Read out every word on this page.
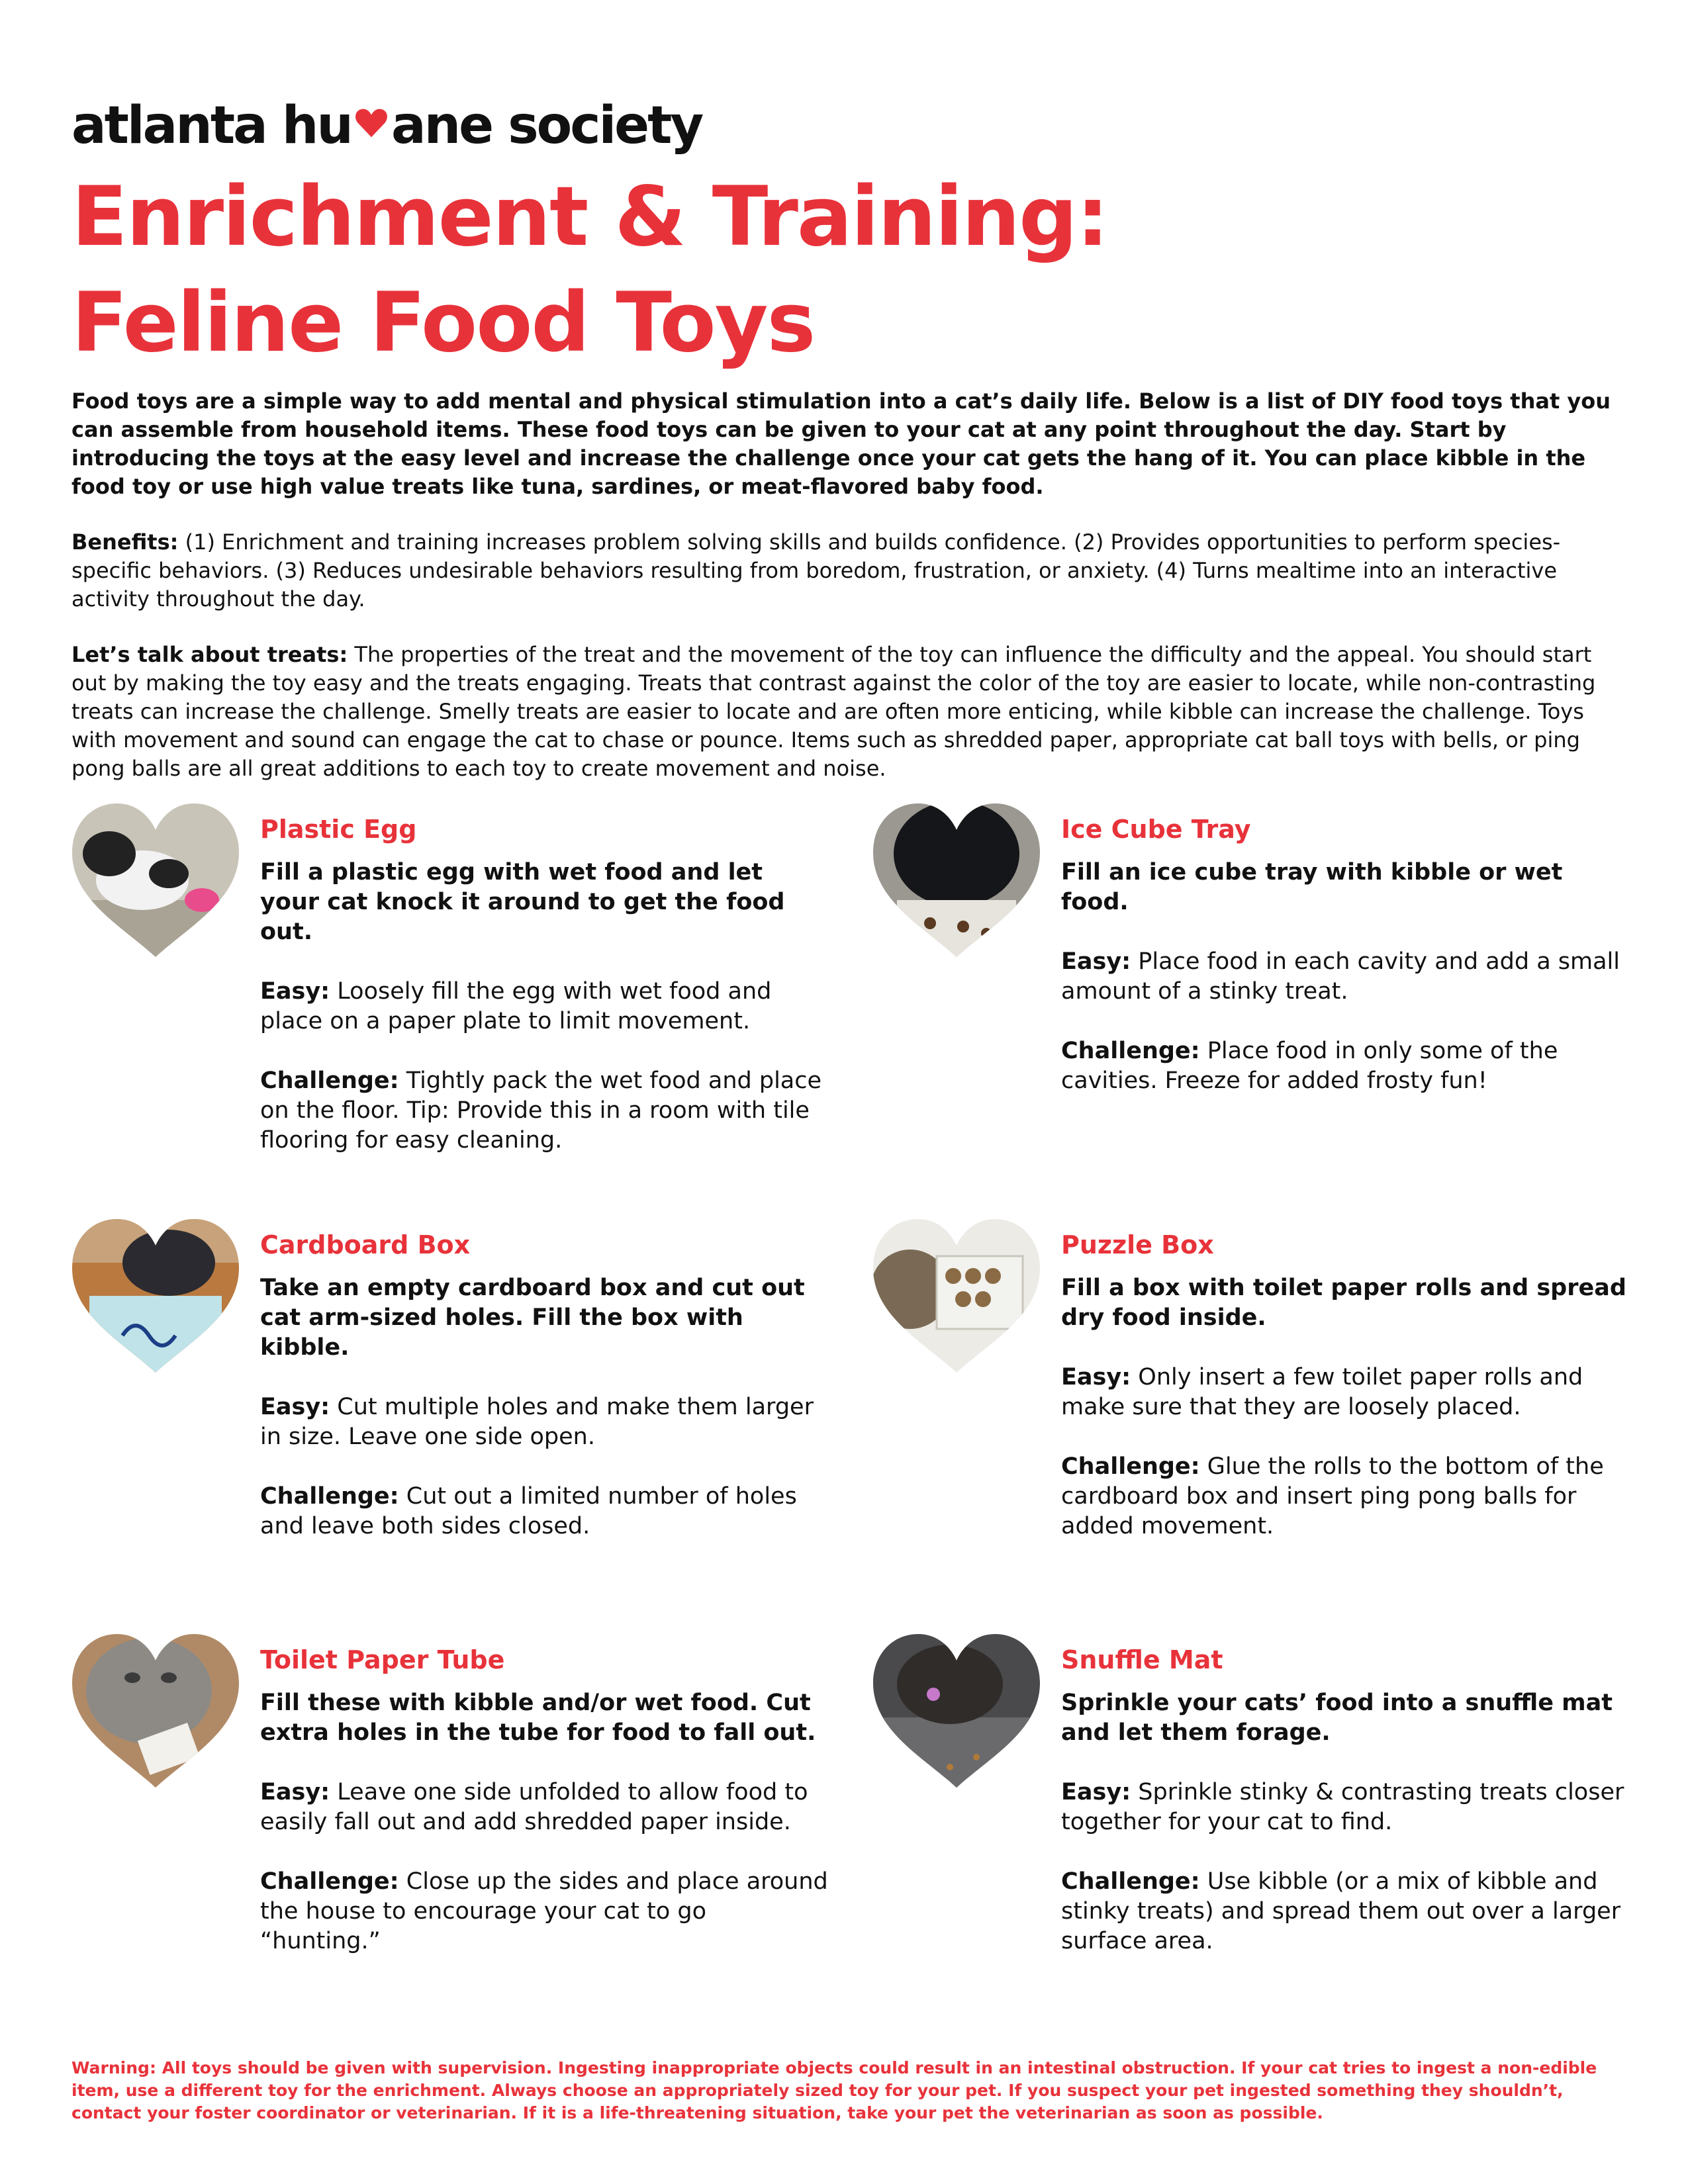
atlanta hu ane society
Enrichment & Training:
Feline Food Toys

Food toys are a simple way to add mental and physical stimulation into a cat’s daily life. Below is a list of DIY food toys that you can assemble from household items. These food toys can be given to your cat at any point throughout the day. Start by introducing the toys at the easy level and increase the challenge once your cat gets the hang of it. You can place kibble in the food toy or use high value treats like tuna, sardines, or meat-flavored baby food.

Benefits: (1) Enrichment and training increases problem solving skills and builds confidence. (2) Provides opportunities to perform species-specific behaviors. (3) Reduces undesirable behaviors resulting from boredom, frustration, or anxiety. (4) Turns mealtime into an interactive activity throughout the day.

Let’s talk about treats: The properties of the treat and the movement of the toy can influence the difficulty and the appeal. You should start out by making the toy easy and the treats engaging. Treats that contrast against the color of the toy are easier to locate, while non-contrasting treats can increase the challenge. Smelly treats are easier to locate and are often more enticing, while kibble can increase the challenge. Toys with movement and sound can engage the cat to chase or pounce. Items such as shredded paper, appropriate cat ball toys with bells, or ping pong balls are all great additions to each toy to create movement and noise.

Plastic Egg

Fill a plastic egg with wet food and let your cat knock it around to get the food out.

Easy: Loosely fill the egg with wet food and place on a paper plate to limit movement.

Challenge: Tightly pack the wet food and place on the floor. Tip: Provide this in a room with tile flooring for easy cleaning.

Ice Cube Tray

Fill an ice cube tray with kibble or wet food.

Easy: Place food in each cavity and add a small amount of a stinky treat.

Challenge: Place food in only some of the cavities. Freeze for added frosty fun!

Cardboard Box

Take an empty cardboard box and cut out cat arm-sized holes. Fill the box with kibble.

Easy: Cut multiple holes and make them larger in size. Leave one side open.

Challenge: Cut out a limited number of holes and leave both sides closed.

Puzzle Box

Fill a box with toilet paper rolls and spread dry food inside.

Easy: Only insert a few toilet paper rolls and make sure that they are loosely placed.

Challenge: Glue the rolls to the bottom of the cardboard box and insert ping pong balls for added movement.

Toilet Paper Tube

Fill these with kibble and/or wet food. Cut extra holes in the tube for food to fall out.

Easy: Leave one side unfolded to allow food to easily fall out and add shredded paper inside.

Challenge: Close up the sides and place around the house to encourage your cat to go “hunting.”

Snuffle Mat

Sprinkle your cats’ food into a snuffle mat and let them forage.

Easy: Sprinkle stinky & contrasting treats closer together for your cat to find.

Challenge: Use kibble (or a mix of kibble and stinky treats) and spread them out over a larger surface area.

Warning: All toys should be given with supervision. Ingesting inappropriate objects could result in an intestinal obstruction. If your cat tries to ingest a non-edible item, use a different toy for the enrichment. Always choose an appropriately sized toy for your pet. If you suspect your pet ingested something they shouldn’t, contact your foster coordinator or veterinarian. If it is a life-threatening situation, take your pet the veterinarian as soon as possible.
